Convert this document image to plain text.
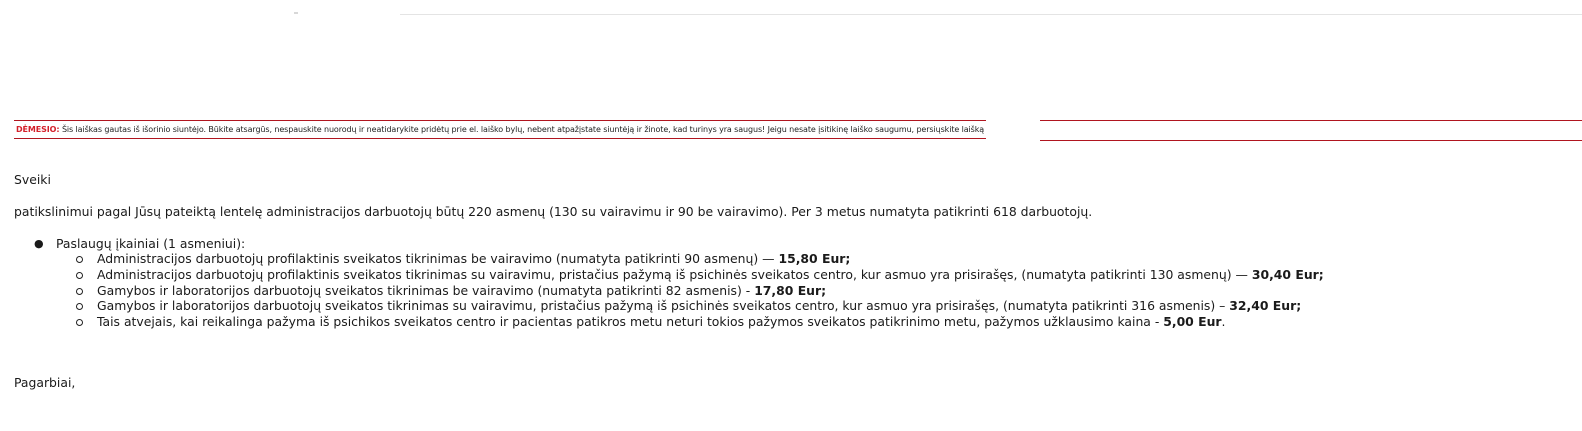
DĖMESIO: Šis laiškas gautas iš išorinio siuntėjo. Būkite atsargūs, nespauskite nuorodų ir neatidarykite pridėtų prie el. laiško bylų, nebent atpažįstate siuntėją ir žinote, kad turinys yra saugus! Jeigu nesate įsitikinę laiško saugumu, persiųskite laišką
Sveiki
patikslinimui pagal Jūsų pateiktą lentelę administracijos darbuotojų būtų 220 asmenų (130 su vairavimu ir 90 be vairavimo). Per 3 metus numatyta patikrinti 618 darbuotojų.
● Paslaugų įkainiai (1 asmeniui):
Administracijos darbuotojų profilaktinis sveikatos tikrinimas be vairavimo (numatyta patikrinti 90 asmenų) — 15,80 Eur;
Administracijos darbuotojų profilaktinis sveikatos tikrinimas su vairavimu, pristačius pažymą iš psichinės sveikatos centro, kur asmuo yra prisirašęs, (numatyta patikrinti 130 asmenų) — 30,40 Eur;
Gamybos ir laboratorijos darbuotojų sveikatos tikrinimas be vairavimo (numatyta patikrinti 82 asmenis) - 17,80 Eur;
Gamybos ir laboratorijos darbuotojų sveikatos tikrinimas su vairavimu, pristačius pažymą iš psichinės sveikatos centro, kur asmuo yra prisirašęs, (numatyta patikrinti 316 asmenis) – 32,40 Eur;
Tais atvejais, kai reikalinga pažyma iš psichikos sveikatos centro ir pacientas patikros metu neturi tokios pažymos sveikatos patikrinimo metu, pažymos užklausimo kaina - 5,00 Eur.
Pagarbiai,
